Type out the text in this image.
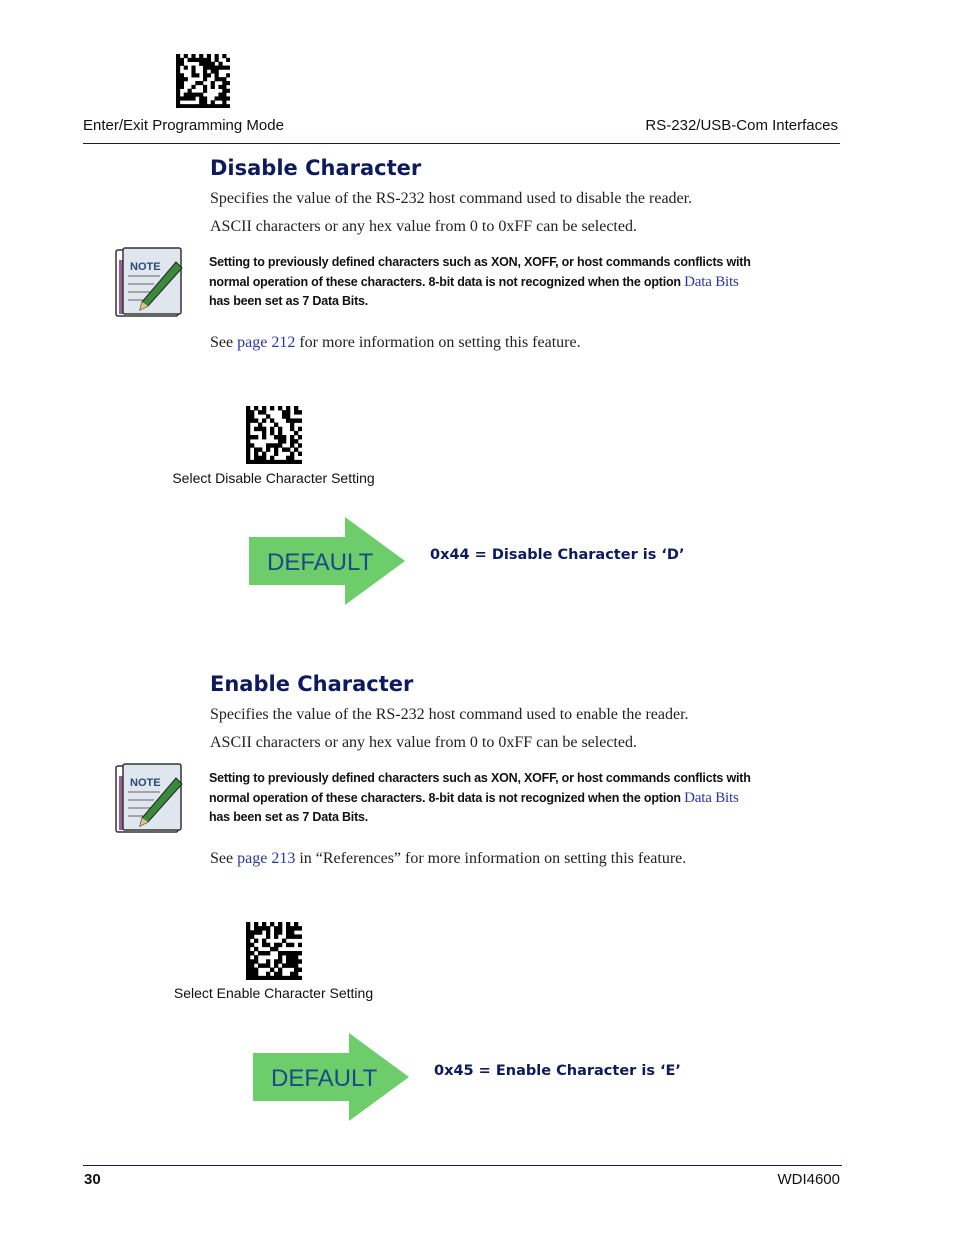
Enter/Exit Programming Mode	RS-232/USB-Com Interfaces
Disable Character
Specifies the value of the RS-232 host command used to disable the reader.
ASCII characters or any hex value from 0 to 0xFF can be selected.
NOTE	Setting to previously defined characters such as XON, XOFF, or host commands conflicts with
normal operation of these characters. 8-bit data is not recognized when the option Data Bits
has been set as 7 Data Bits.
See page 212 for more information on setting this feature.
Select Disable Character Setting
DEFAULT	0x44 = Disable Character is ‘D’
Enable Character
Specifies the value of the RS-232 host command used to enable the reader.
ASCII characters or any hex value from 0 to 0xFF can be selected.
NOTE	Setting to previously defined characters such as XON, XOFF, or host commands conflicts with
normal operation of these characters. 8-bit data is not recognized when the option Data Bits
has been set as 7 Data Bits.
See page 213 in “References” for more information on setting this feature.
Select Enable Character Setting
DEFAULT	0x45 = Enable Character is ‘E’
30	WDI4600
